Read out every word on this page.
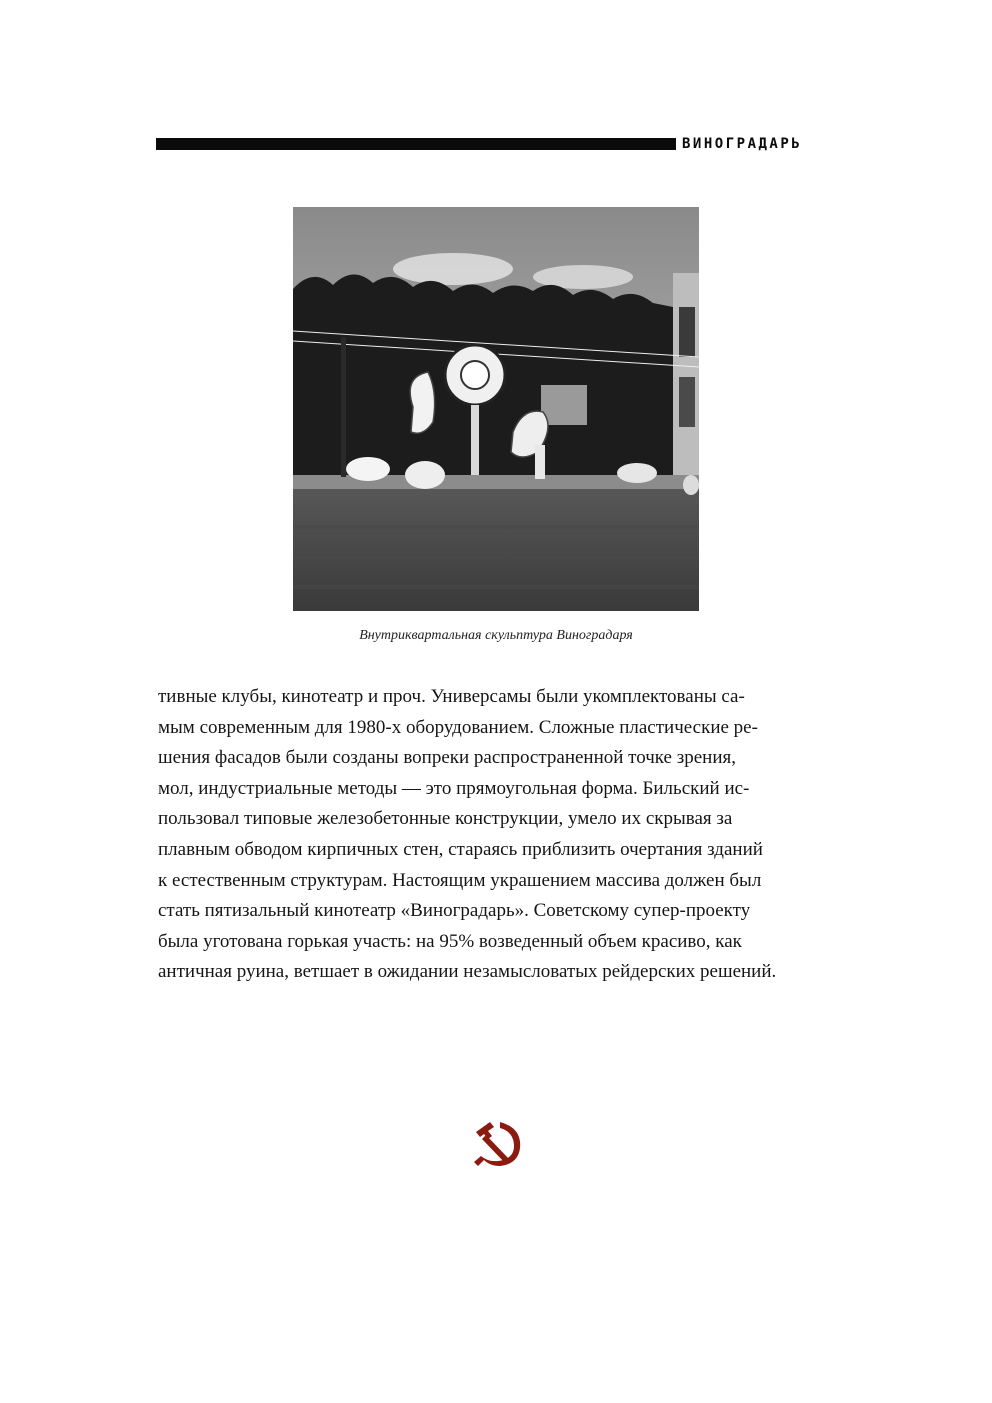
ВИНОГРАДАРЬ
Внутриквартальная скульптура Виноградаря
тивные клубы, кинотеатр и проч. Универсамы были укомплектованы са-
мым современным для 1980-х оборудованием. Сложные пластические ре-
шения фасадов были созданы вопреки распространенной точке зрения,
мол, индустриальные методы — это прямоугольная форма. Бильский ис-
пользовал типовые железобетонные конструкции, умело их скрывая за
плавным обводом кирпичных стен, стараясь приблизить очертания зданий
к естественным структурам. Настоящим украшением массива должен был
стать пятизальный кинотеатр «Виноградарь». Советскому супер-проекту
была уготована горькая участь: на 95% возведенный объем красиво, как
античная руина, ветшает в ожидании незамысловатых рейдерских решений.
